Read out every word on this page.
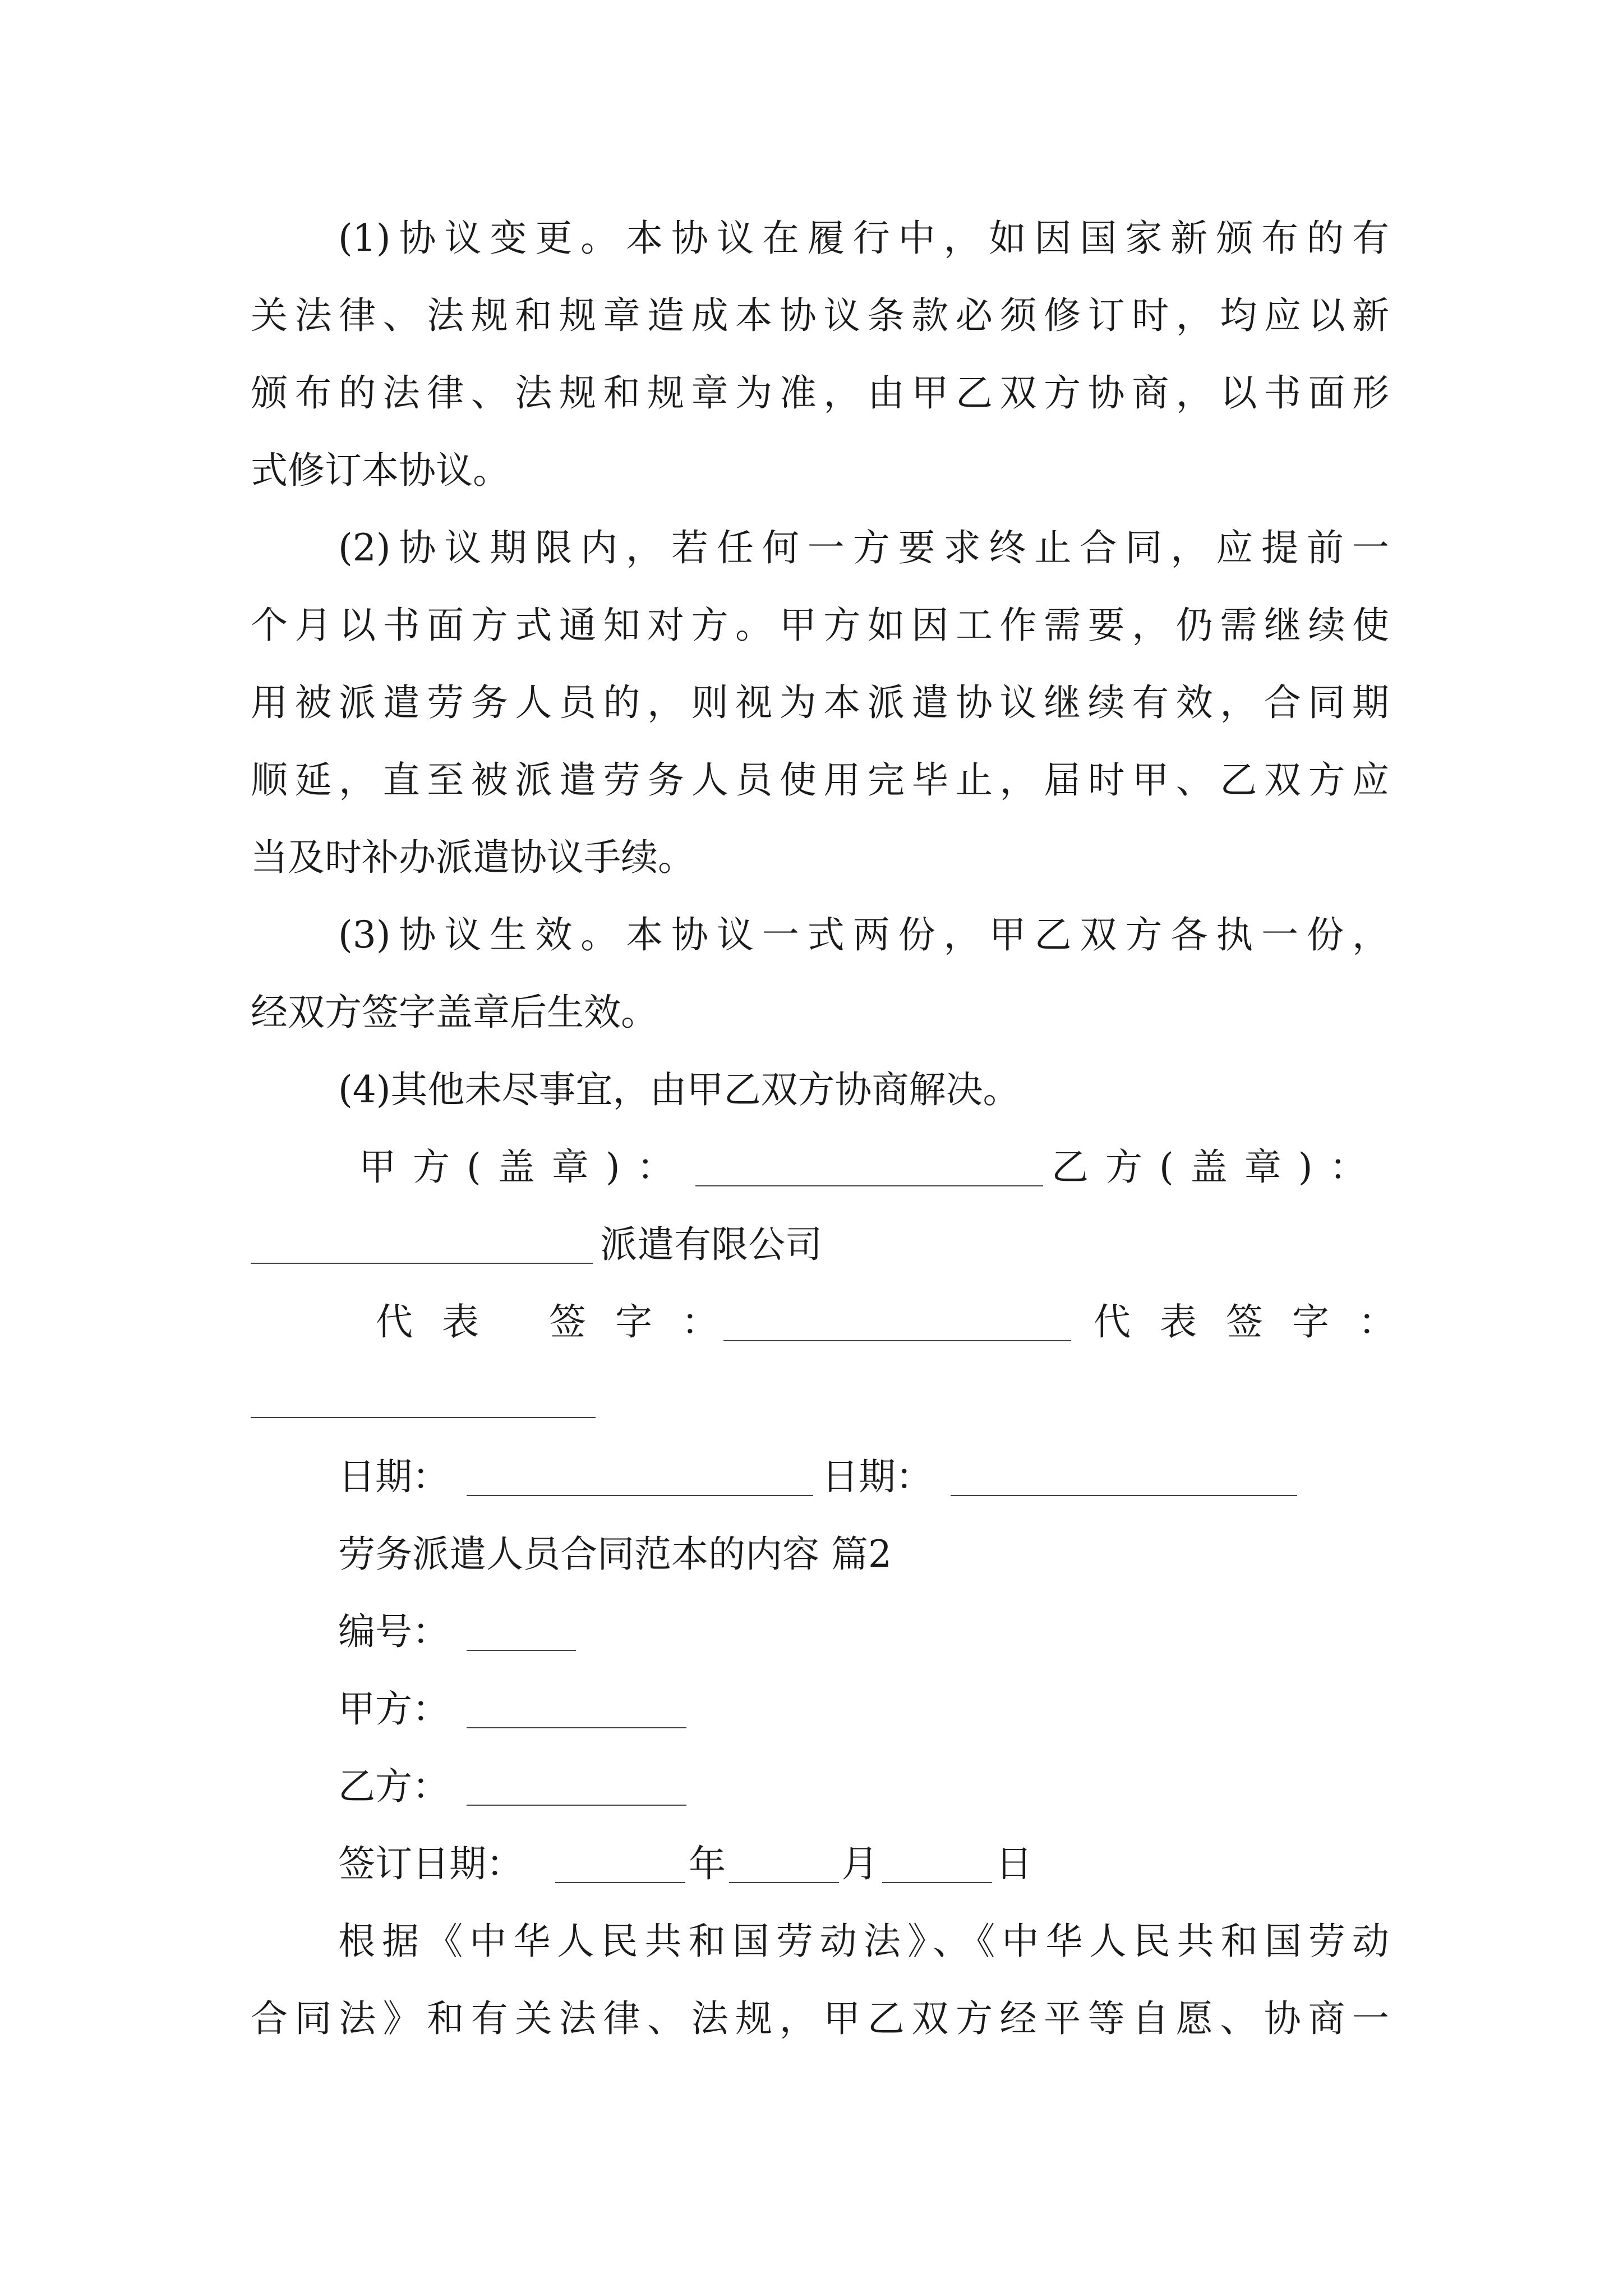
(1)协议变更。本协议在履行中，如因国家新颁布的有
关法律、法规和规章造成本协议条款必须修订时，均应以新
颁布的法律、法规和规章为准，由甲乙双方协商，以书面形
式修订本协议。
(2)协议期限内，若任何一方要求终止合同，应提前一
个月以书面方式通知对方。甲方如因工作需要，仍需继续使
用被派遣劳务人员的，则视为本派遣协议继续有效，合同期
顺延，直至被派遣劳务人员使用完毕止，届时甲、乙双方应
当及时补办派遣协议手续。
(3)协议生效。本协议一式两份，甲乙双方各执一份，
经双方签字盖章后生效。
(4)其他未尽事宜，由甲乙双方协商解决。
甲方(盖章)：	乙方(盖章)：
派遣有限公司
代表 签字：	代表签字：
日期：	日期：
劳务派遣人员合同范本的内容 篇2
编号：
甲方：
乙方：
签订日期：	年	月	日
根据《中华人民共和国劳动法》、《中华人民共和国劳动
合同法》和有关法律、法规，甲乙双方经平等自愿、协商一
